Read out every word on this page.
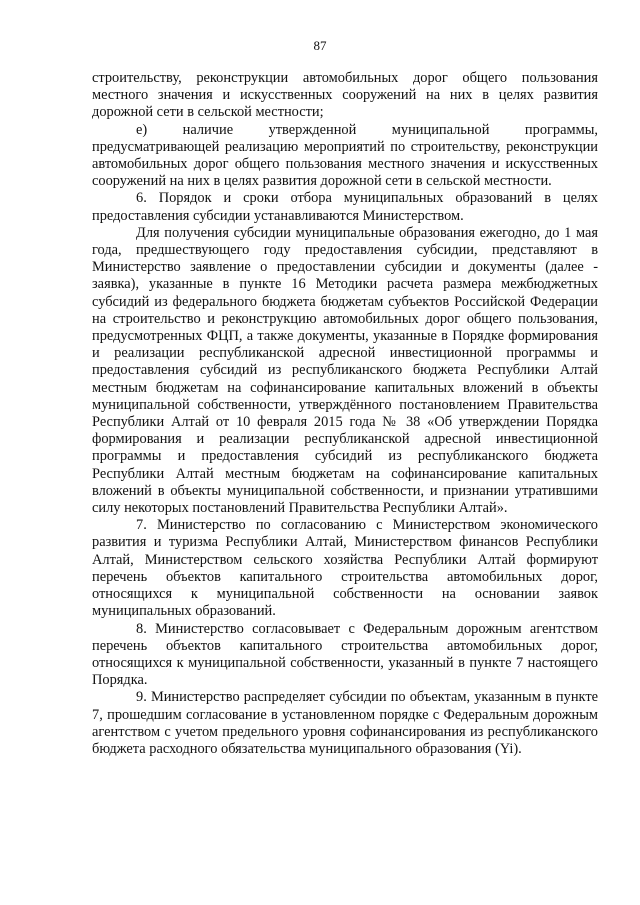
87

строительству, реконструкции автомобильных дорог общего пользования местного значения и искусственных сооружений на них в целях развития дорожной сети в сельской местности;

е) наличие утвержденной муниципальной программы, предусматривающей реализацию мероприятий по строительству, реконструкции автомобильных дорог общего пользования местного значения и искусственных сооружений на них в целях развития дорожной сети в сельской местности.

6. Порядок и сроки отбора муниципальных образований в целях предоставления субсидии устанавливаются Министерством.

Для получения субсидии муниципальные образования ежегодно, до 1 мая года, предшествующего году предоставления субсидии, представляют в Министерство заявление о предоставлении субсидии и документы (далее - заявка), указанные в пункте 16 Методики расчета размера межбюджетных субсидий из федерального бюджета бюджетам субъектов Российской Федерации на строительство и реконструкцию автомобильных дорог общего пользования, предусмотренных ФЦП, а также документы, указанные в Порядке формирования и реализации республиканской адресной инвестиционной программы и предоставления субсидий из республиканского бюджета Республики Алтай местным бюджетам на софинансирование капитальных вложений в объекты муниципальной собственности, утверждённого постановлением Правительства Республики Алтай от 10 февраля 2015 года № 38 «Об утверждении Порядка формирования и реализации республиканской адресной инвестиционной программы и предоставления субсидий из республиканского бюджета Республики Алтай местным бюджетам на софинансирование капитальных вложений в объекты муниципальной собственности, и признании утратившими силу некоторых постановлений Правительства Республики Алтай».

7. Министерство по согласованию с Министерством экономического развития и туризма Республики Алтай, Министерством финансов Республики Алтай, Министерством сельского хозяйства Республики Алтай формируют перечень объектов капитального строительства автомобильных дорог, относящихся к муниципальной собственности на основании заявок муниципальных образований.

8. Министерство согласовывает с Федеральным дорожным агентством перечень объектов капитального строительства автомобильных дорог, относящихся к муниципальной собственности, указанный в пункте 7 настоящего Порядка.

9. Министерство распределяет субсидии по объектам, указанным в пункте 7, прошедшим согласование в установленном порядке с Федеральным дорожным агентством с учетом предельного уровня софинансирования из республиканского бюджета расходного обязательства муниципального образования (Yi).
